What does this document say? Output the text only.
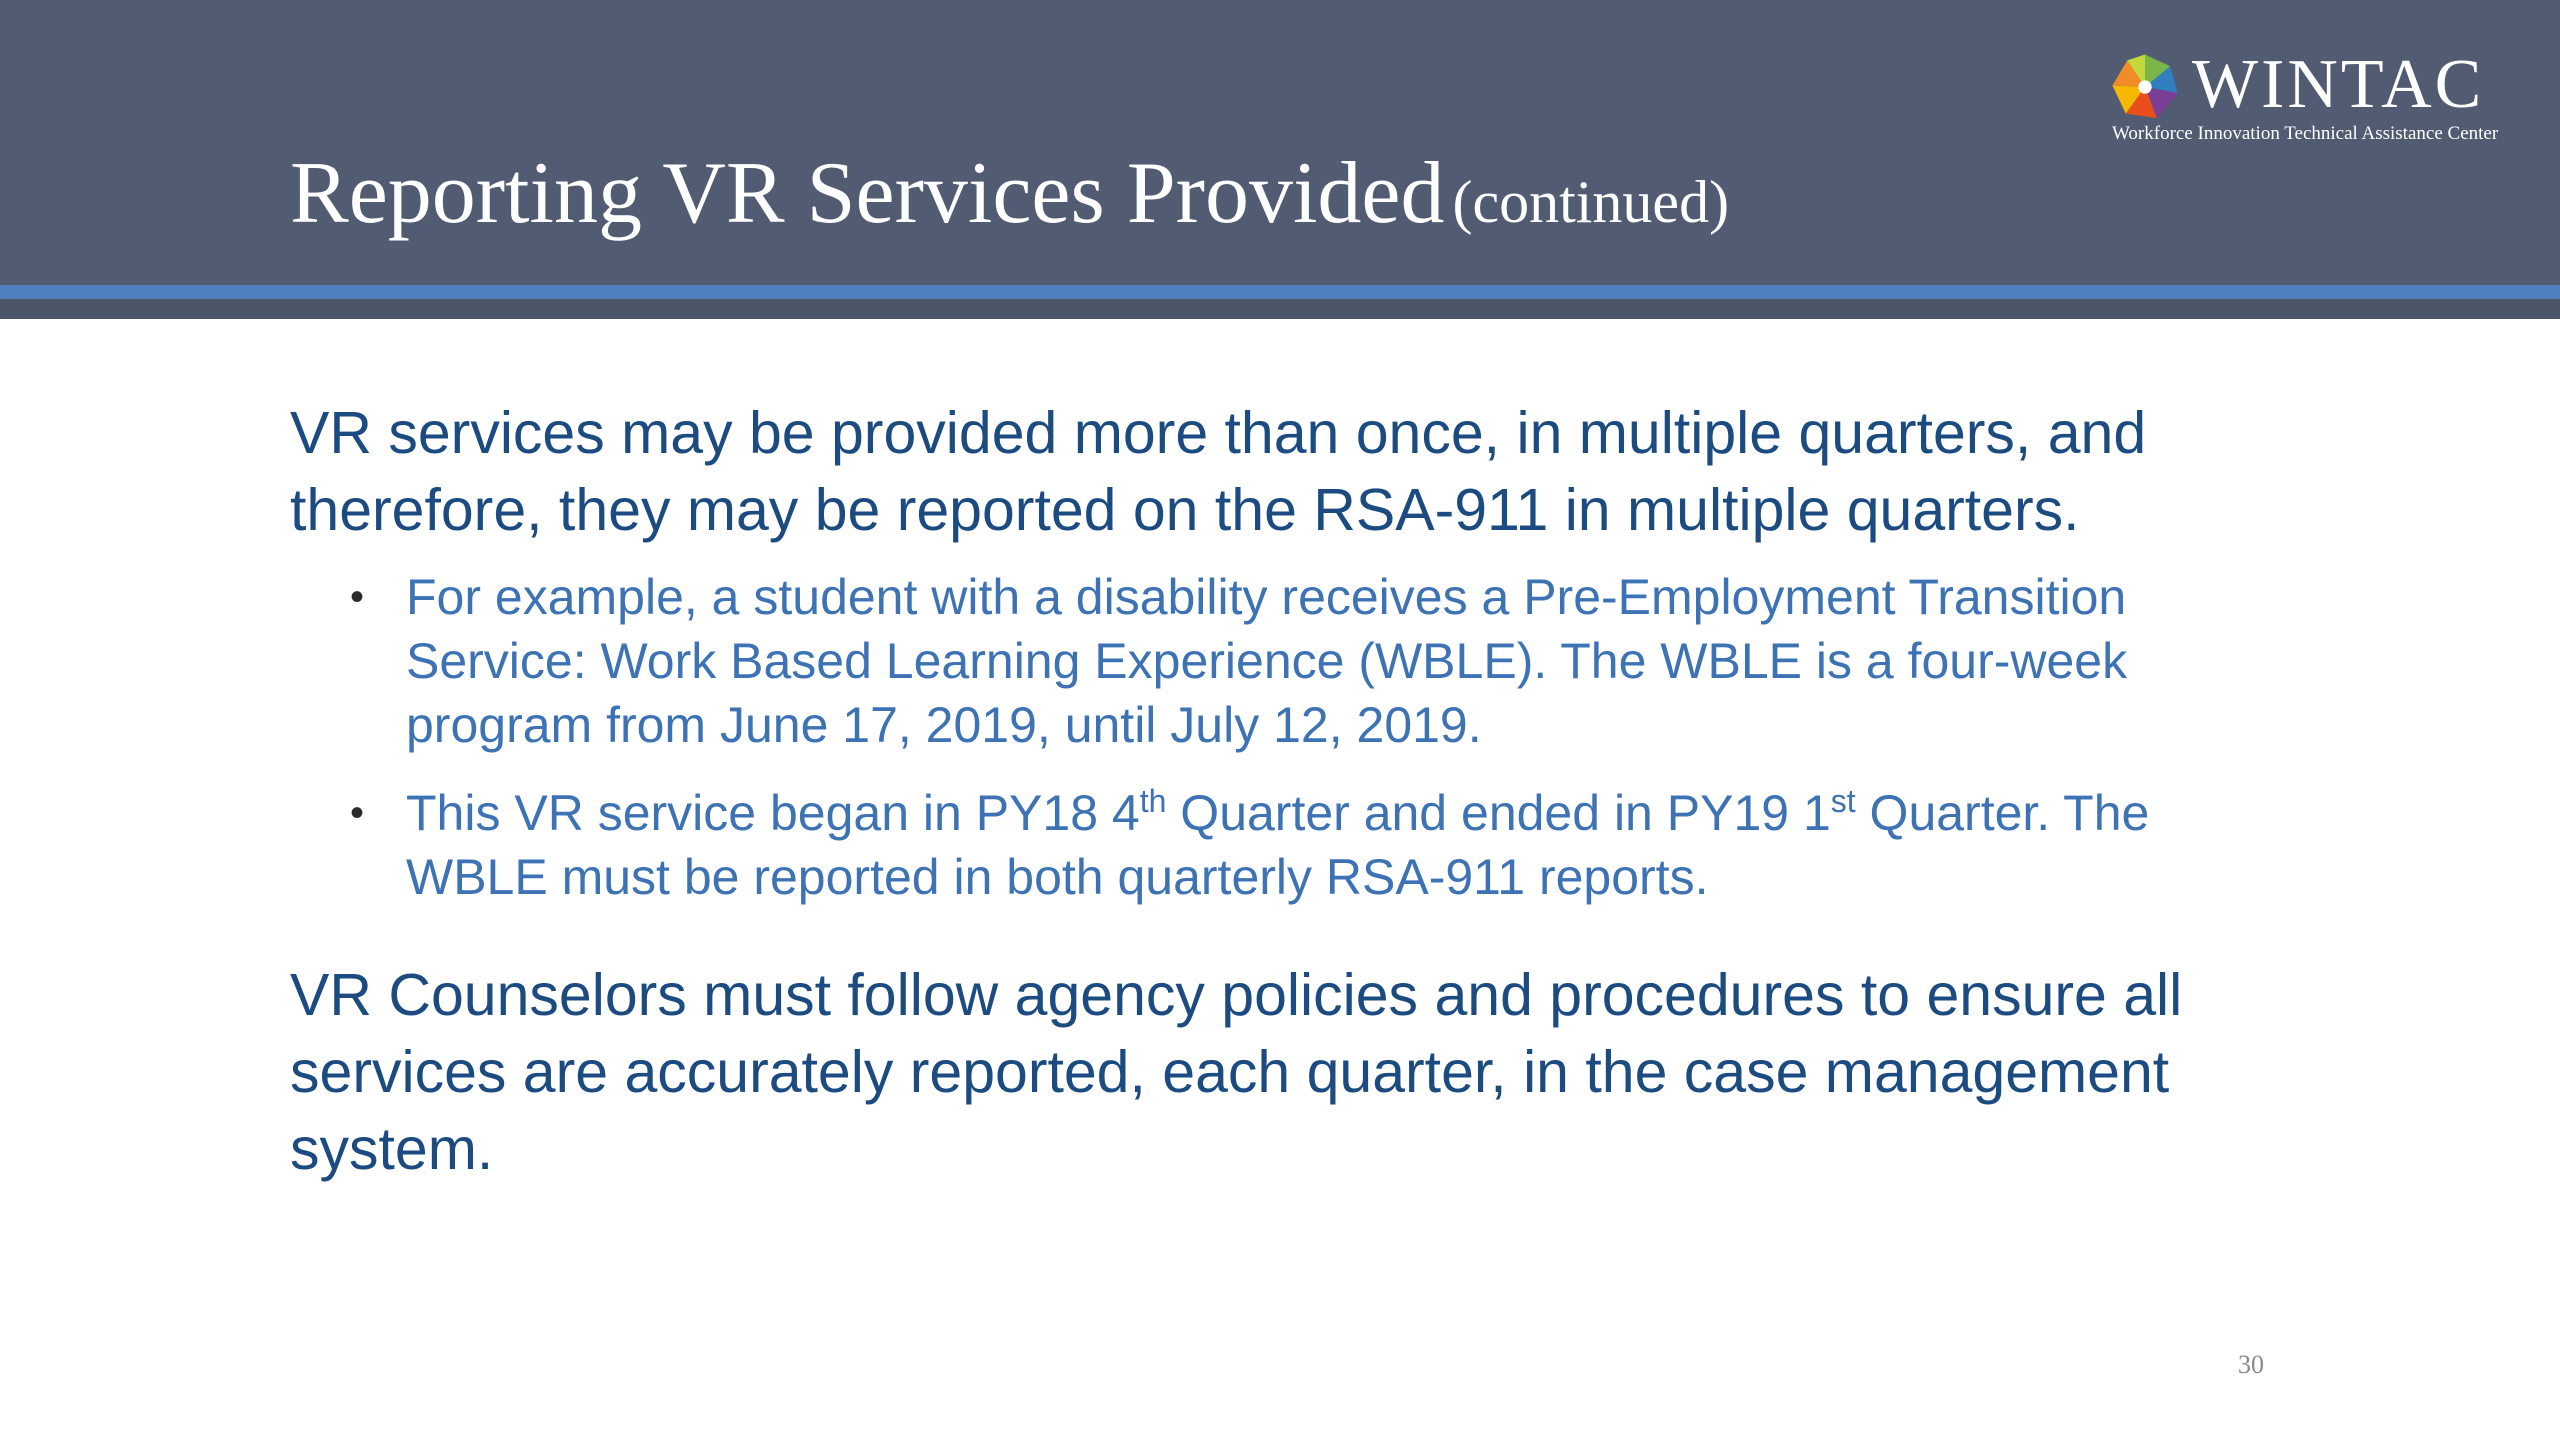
Reporting VR Services Provided (continued)
WINTAC
Workforce Innovation Technical Assistance Center

VR services may be provided more than once, in multiple quarters, and therefore, they may be reported on the RSA-911 in multiple quarters.

• For example, a student with a disability receives a Pre-Employment Transition Service: Work Based Learning Experience (WBLE). The WBLE is a four-week program from June 17, 2019, until July 12, 2019.
• This VR service began in PY18 4th Quarter and ended in PY19 1st Quarter. The WBLE must be reported in both quarterly RSA-911 reports.

VR Counselors must follow agency policies and procedures to ensure all services are accurately reported, each quarter, in the case management system.

30
